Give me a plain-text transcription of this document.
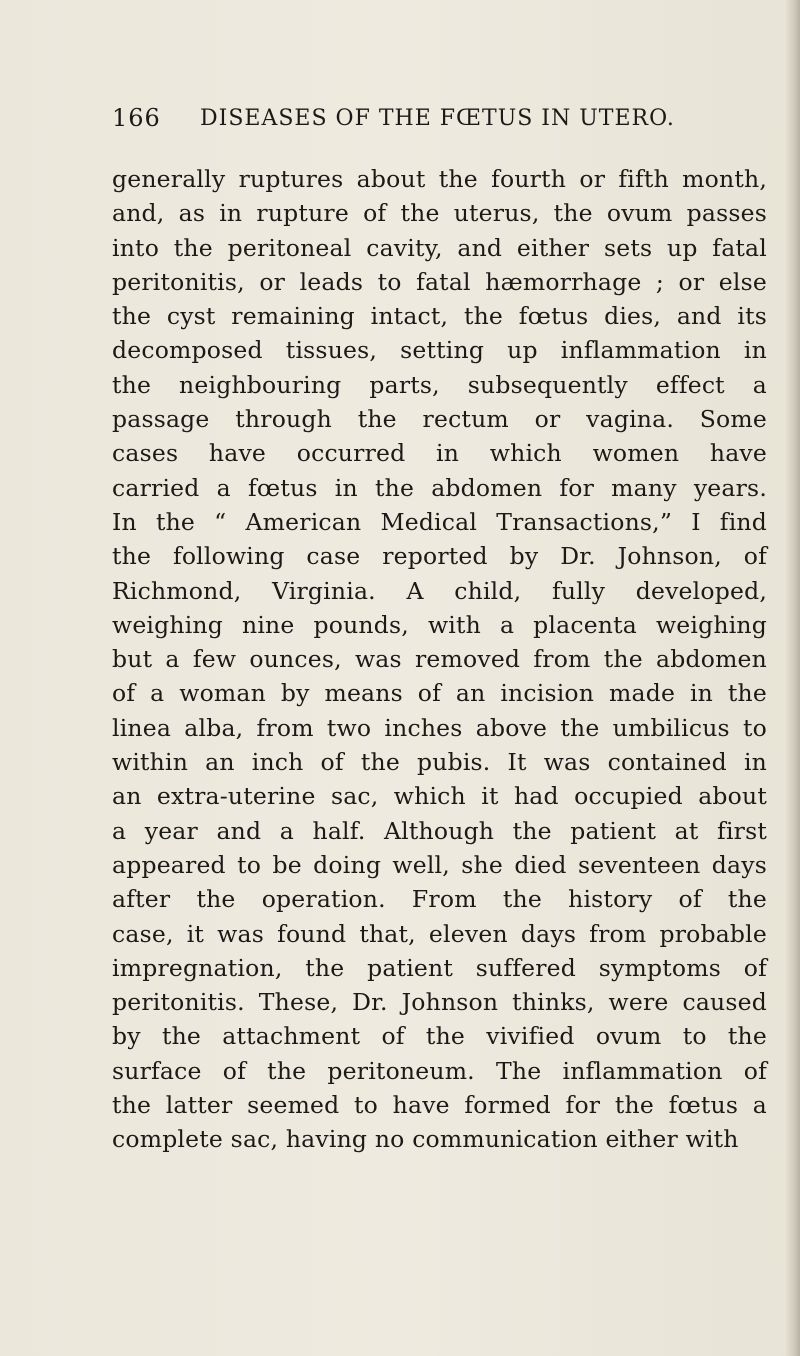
166 DISEASES OF THE FŒTUS IN UTERO.
generally ruptures about the fourth or fifth month,
and, as in rupture of the uterus, the ovum passes
into the peritoneal cavity, and either sets up fatal
peritonitis, or leads to fatal hæmorrhage ; or else
the cyst remaining intact, the fœtus dies, and its
decomposed tissues, setting up inflammation in
the neighbouring parts, subsequently effect a
passage through the rectum or vagina. Some
cases have occurred in which women have
carried a fœtus in the abdomen for many years.
In the “ American Medical Transactions,” I find
the following case reported by Dr. Johnson, of
Richmond, Virginia. A child, fully developed,
weighing nine pounds, with a placenta weighing
but a few ounces, was removed from the abdomen
of a woman by means of an incision made in the
linea alba, from two inches above the umbilicus to
within an inch of the pubis. It was contained in
an extra-uterine sac, which it had occupied about
a year and a half. Although the patient at first
appeared to be doing well, she died seventeen days
after the operation. From the history of the
case, it was found that, eleven days from probable
impregnation, the patient suffered symptoms of
peritonitis. These, Dr. Johnson thinks, were caused
by the attachment of the vivified ovum to the
surface of the peritoneum. The inflammation of
the latter seemed to have formed for the fœtus a
complete sac, having no communication either with
